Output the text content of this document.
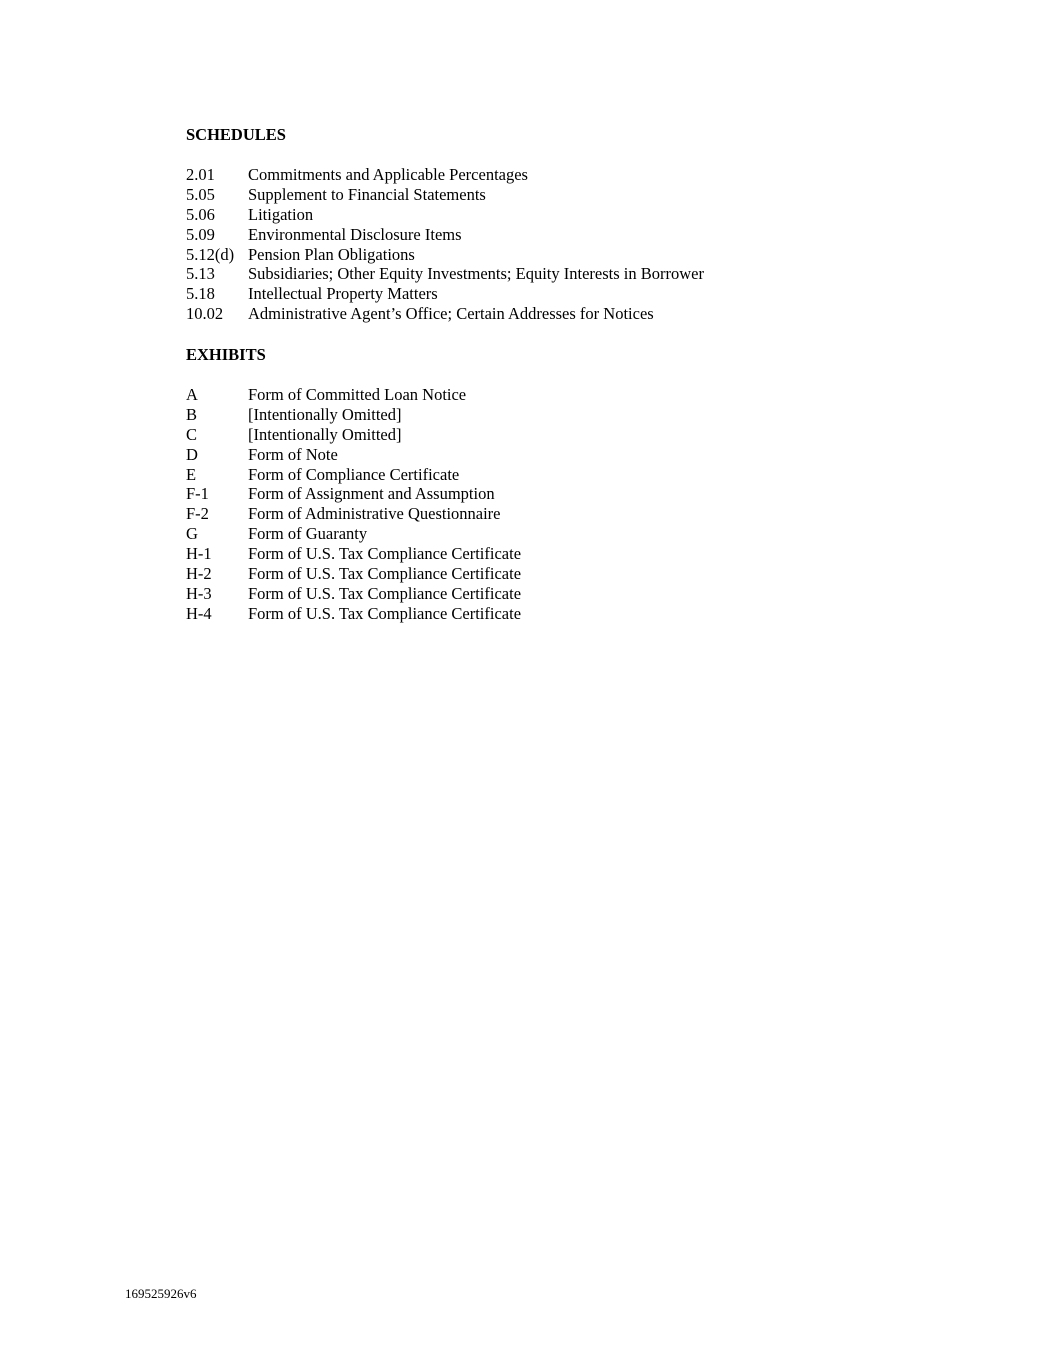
SCHEDULES
2.01	Commitments and Applicable Percentages
5.05	Supplement to Financial Statements
5.06	Litigation
5.09	Environmental Disclosure Items
5.12(d) Pension Plan Obligations
5.13	Subsidiaries; Other Equity Investments; Equity Interests in Borrower
5.18	Intellectual Property Matters
10.02	Administrative Agent’s Office; Certain Addresses for Notices
EXHIBITS
A	Form of Committed Loan Notice
B	[Intentionally Omitted]
C	[Intentionally Omitted]
D	Form of Note
E	Form of Compliance Certificate
F-1	Form of Assignment and Assumption
F-2	Form of Administrative Questionnaire
G	Form of Guaranty
H-1	Form of U.S. Tax Compliance Certificate
H-2	Form of U.S. Tax Compliance Certificate
H-3	Form of U.S. Tax Compliance Certificate
H-4	Form of U.S. Tax Compliance Certificate
169525926v6
